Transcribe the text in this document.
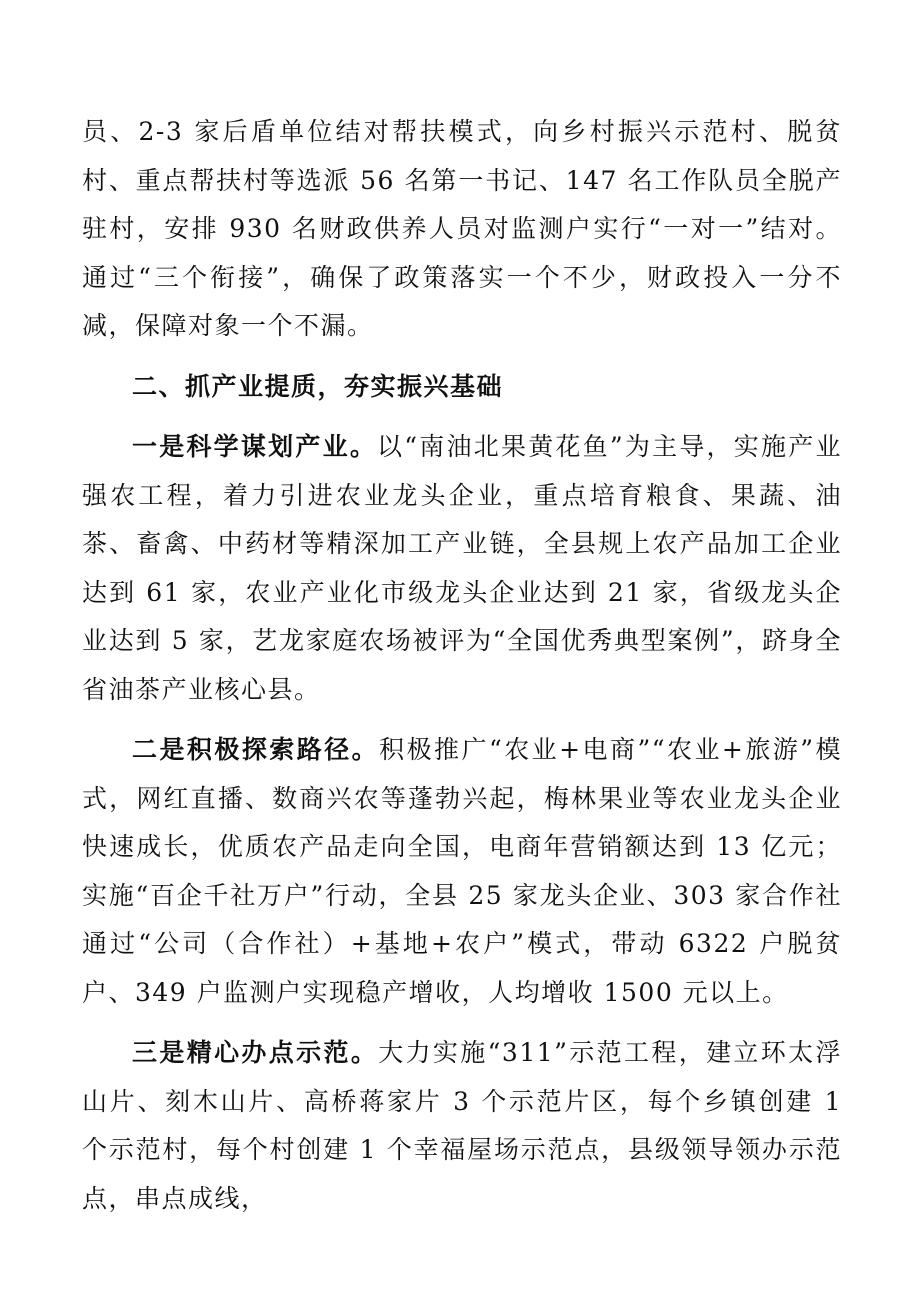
员、2-3 家后盾单位结对帮扶模式，向乡村振兴示范村、脱贫村、重点帮扶村等选派 56 名第一书记、147 名工作队员全脱产驻村，安排 930 名财政供养人员对监测户实行“一对一”结对。通过“三个衔接”，确保了政策落实一个不少，财政投入一分不减，保障对象一个不漏。

二、抓产业提质，夯实振兴基础

一是科学谋划产业。以“南油北果黄花鱼”为主导，实施产业强农工程，着力引进农业龙头企业，重点培育粮食、果蔬、油茶、畜禽、中药材等精深加工产业链，全县规上农产品加工企业达到 61 家，农业产业化市级龙头企业达到 21 家，省级龙头企业达到 5 家，艺龙家庭农场被评为“全国优秀典型案例”，跻身全省油茶产业核心县。

二是积极探索路径。积极推广“农业+电商”“农业+旅游”模式，网红直播、数商兴农等蓬勃兴起，梅林果业等农业龙头企业快速成长，优质农产品走向全国，电商年营销额达到 13 亿元；实施“百企千社万户”行动，全县 25 家龙头企业、303 家合作社通过“公司（合作社）+基地+农户”模式，带动 6322 户脱贫户、349 户监测户实现稳产增收，人均增收 1500 元以上。

三是精心办点示范。大力实施“311”示范工程，建立环太浮山片、刻木山片、高桥蒋家片 3 个示范片区，每个乡镇创建 1 个示范村，每个村创建 1 个幸福屋场示范点，县级领导领办示范点，串点成线，
